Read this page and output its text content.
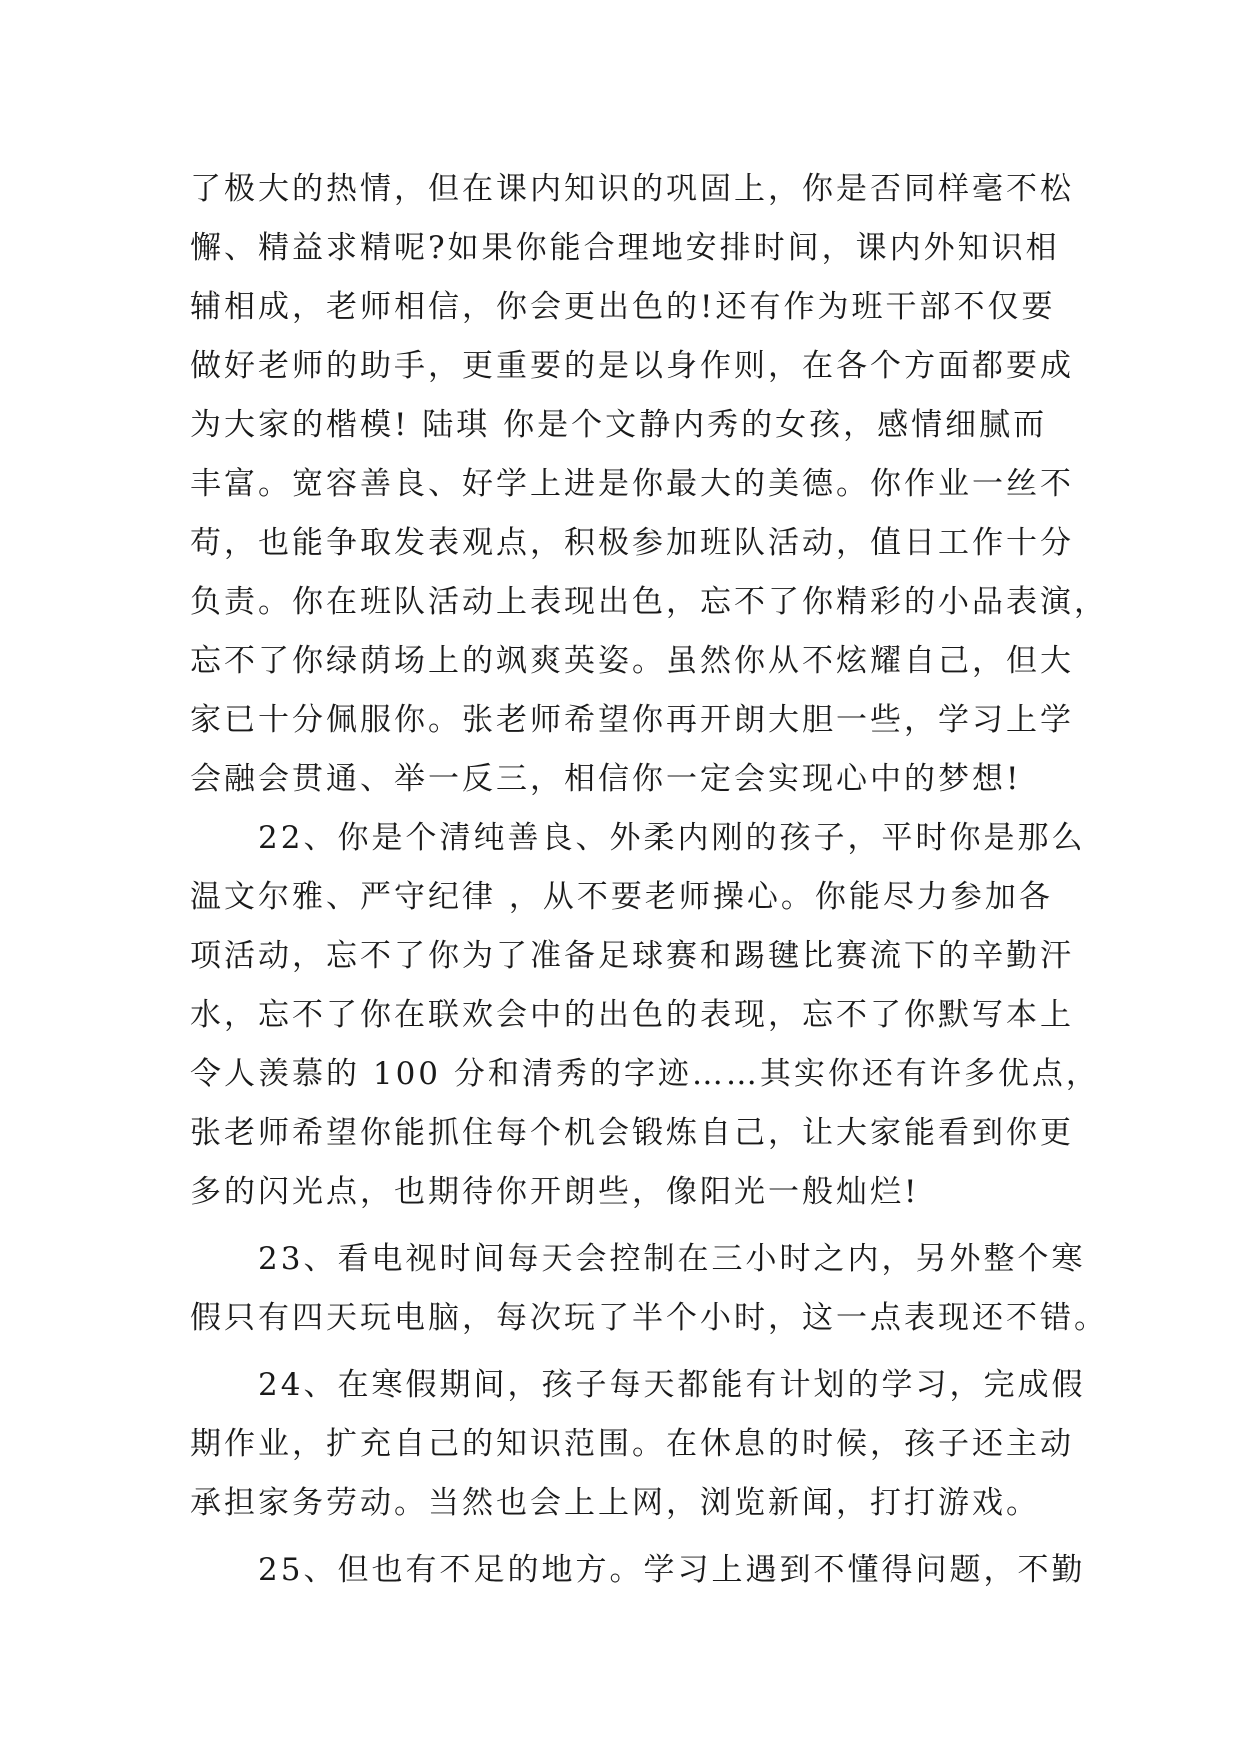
了极大的热情，但在课内知识的巩固上，你是否同样毫不松
懈、精益求精呢?如果你能合理地安排时间，课内外知识相
辅相成，老师相信，你会更出色的!还有作为班干部不仅要
做好老师的助手，更重要的是以身作则，在各个方面都要成
为大家的楷模! 陆琪 你是个文静内秀的女孩，感情细腻而
丰富。宽容善良、好学上进是你最大的美德。你作业一丝不
苟，也能争取发表观点，积极参加班队活动，值日工作十分
负责。你在班队活动上表现出色，忘不了你精彩的小品表演，
忘不了你绿荫场上的飒爽英姿。虽然你从不炫耀自己，但大
家已十分佩服你。张老师希望你再开朗大胆一些，学习上学
会融会贯通、举一反三，相信你一定会实现心中的梦想!
　　22、你是个清纯善良、外柔内刚的孩子，平时你是那么
温文尔雅、严守纪律 ，从不要老师操心。你能尽力参加各
项活动，忘不了你为了准备足球赛和踢毽比赛流下的辛勤汗
水，忘不了你在联欢会中的出色的表现，忘不了你默写本上
令人羡慕的 100 分和清秀的字迹……其实你还有许多优点，
张老师希望你能抓住每个机会锻炼自己，让大家能看到你更
多的闪光点，也期待你开朗些，像阳光一般灿烂!
　　23、看电视时间每天会控制在三小时之内，另外整个寒
假只有四天玩电脑，每次玩了半个小时，这一点表现还不错。
　　24、在寒假期间，孩子每天都能有计划的学习，完成假
期作业，扩充自己的知识范围。在休息的时候，孩子还主动
承担家务劳动。当然也会上上网，浏览新闻，打打游戏。
　　25、但也有不足的地方。学习上遇到不懂得问题，不勤
